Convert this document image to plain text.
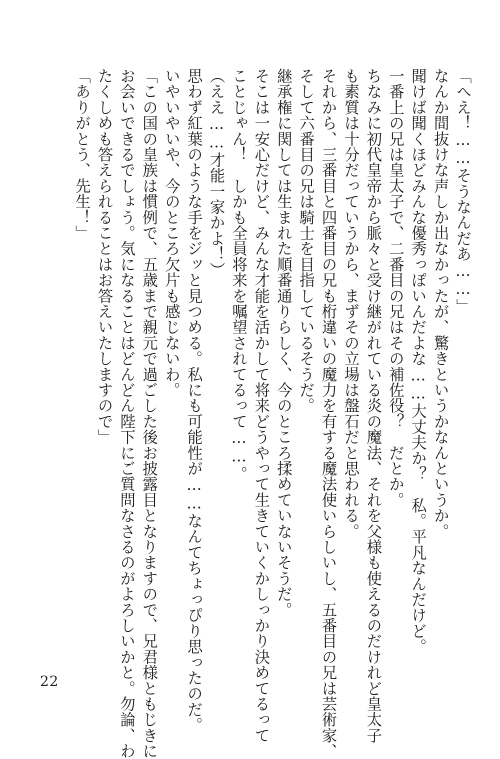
「へえ！……そうなんだあ……」
なんか間抜けな声しか出なかったが、驚きというかなんというか。
聞けば聞くほどみんな優秀っぽいんだよな……大丈夫か？　私。平凡なんだけど。
一番上の兄は皇太子で、二番目の兄はその補佐役？　だとか。
ちなみに初代皇帝から脈々と受け継がれている炎の魔法、それを父様も使えるのだけれど皇太子
も素質は十分だっていうから、まずその立場は盤石だと思われる。
それから、三番目と四番目の兄も桁違いの魔力を有する魔法使いらしいし、五番目の兄は芸術家、
そして六番目の兄は騎士を目指しているそうだ。
継承権に関しては生まれた順番通りらしく、今のところ揉めていないそうだ。
そこは一安心だけど、みんな才能を活かして将来どうやって生きていくかしっかり決めてるって
ことじゃん！　しかも全員将来を嘱望されてるって……。
（ええ……才能一家かよ！）
思わず紅葉のような手をジッと見つめる。私にも可能性が……なんてちょっぴり思ったのだ。
いやいやいや、今のところ欠片も感じないわ。
「この国の皇族は慣例で、五歳まで親元で過ごした後お披露目となりますので、兄君様ともじきに
お会いできるでしょう。気になることはどんどん陛下にご質問なさるのがよろしいかと。勿論、わ
たくしめも答えられることはお答えいたしますので」
「ありがとう、先生！」
22
